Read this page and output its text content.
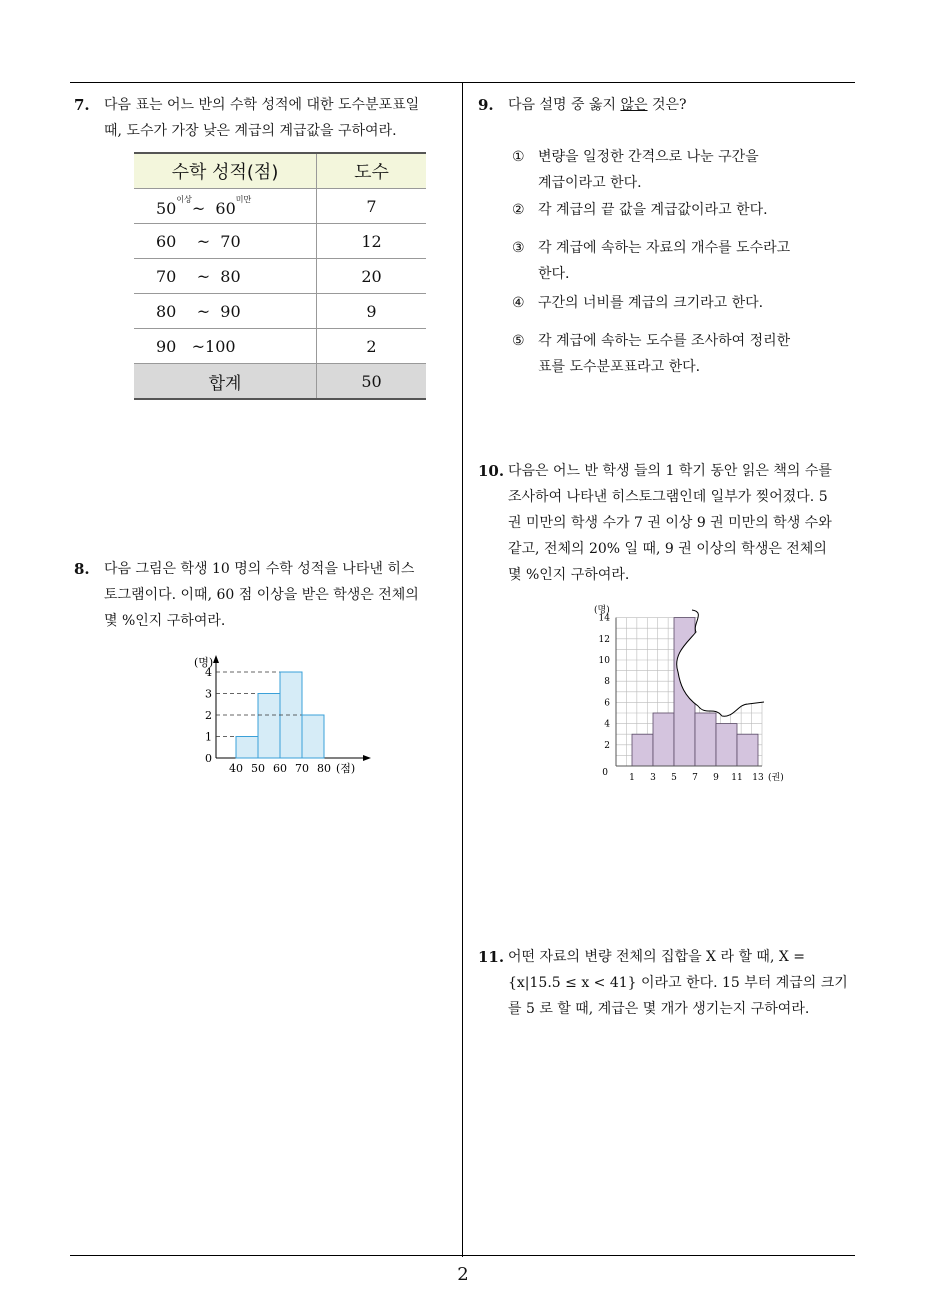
2
7. 다음 표는 어느 반의 수학 성적에 대한 도수분포표일
때, 도수가 가장 낮은 계급의 계급값을 구하여라.
수학 성적(점)	도수
$50^{이상}\sim$ $60^{미만}$	7
60 ~ 70	12
70 ~ 80	20
80 ~ 90	9
90 ~100	2
합계	50
8. 다음 그림은 학생 10 명의 수학 성적을 나타낸 히스
토그램이다. 이때, 60 점 이상을 받은 학생은 전체의
몇 %인지 구하여라.
0
1
2
3
4
40 50 60 70 80
(명)
(점)
9. 다음 설명 중 옳지 않은 것은?
① 변량을 일정한 간격으로 나눈 구간을
계급이라고 한다.
② 각 계급의 끝 값을 계급값이라고 한다.
③ 각 계급에 속하는 자료의 개수를 도수라고
한다.
④ 구간의 너비를 계급의 크기라고 한다.
⑤ 각 계급에 속하는 도수를 조사하여 정리한
표를 도수분포표라고 한다.
10. 다음은 어느 반 학생 들의 1 학기 동안 읽은 책의 수를
조사하여 나타낸 히스토그램인데 일부가 찢어졌다. 5
권 미만의 학생 수가 7 권 이상 9 권 미만의 학생 수와
같고, 전체의 20% 일 때, 9 권 이상의 학생은 전체의
몇 %인지 구하여라.
2
4
6
8
10
12
14
0 1 3 5 7 9 11 13
(명)
(권)
11. 어떤 자료의 변량 전체의 집합을 X 라 할 때, X =
{x|15.5 ≤ x < 41} 이라고 한다. 15 부터 계급의 크기
를 5 로 할 때, 계급은 몇 개가 생기는지 구하여라.
